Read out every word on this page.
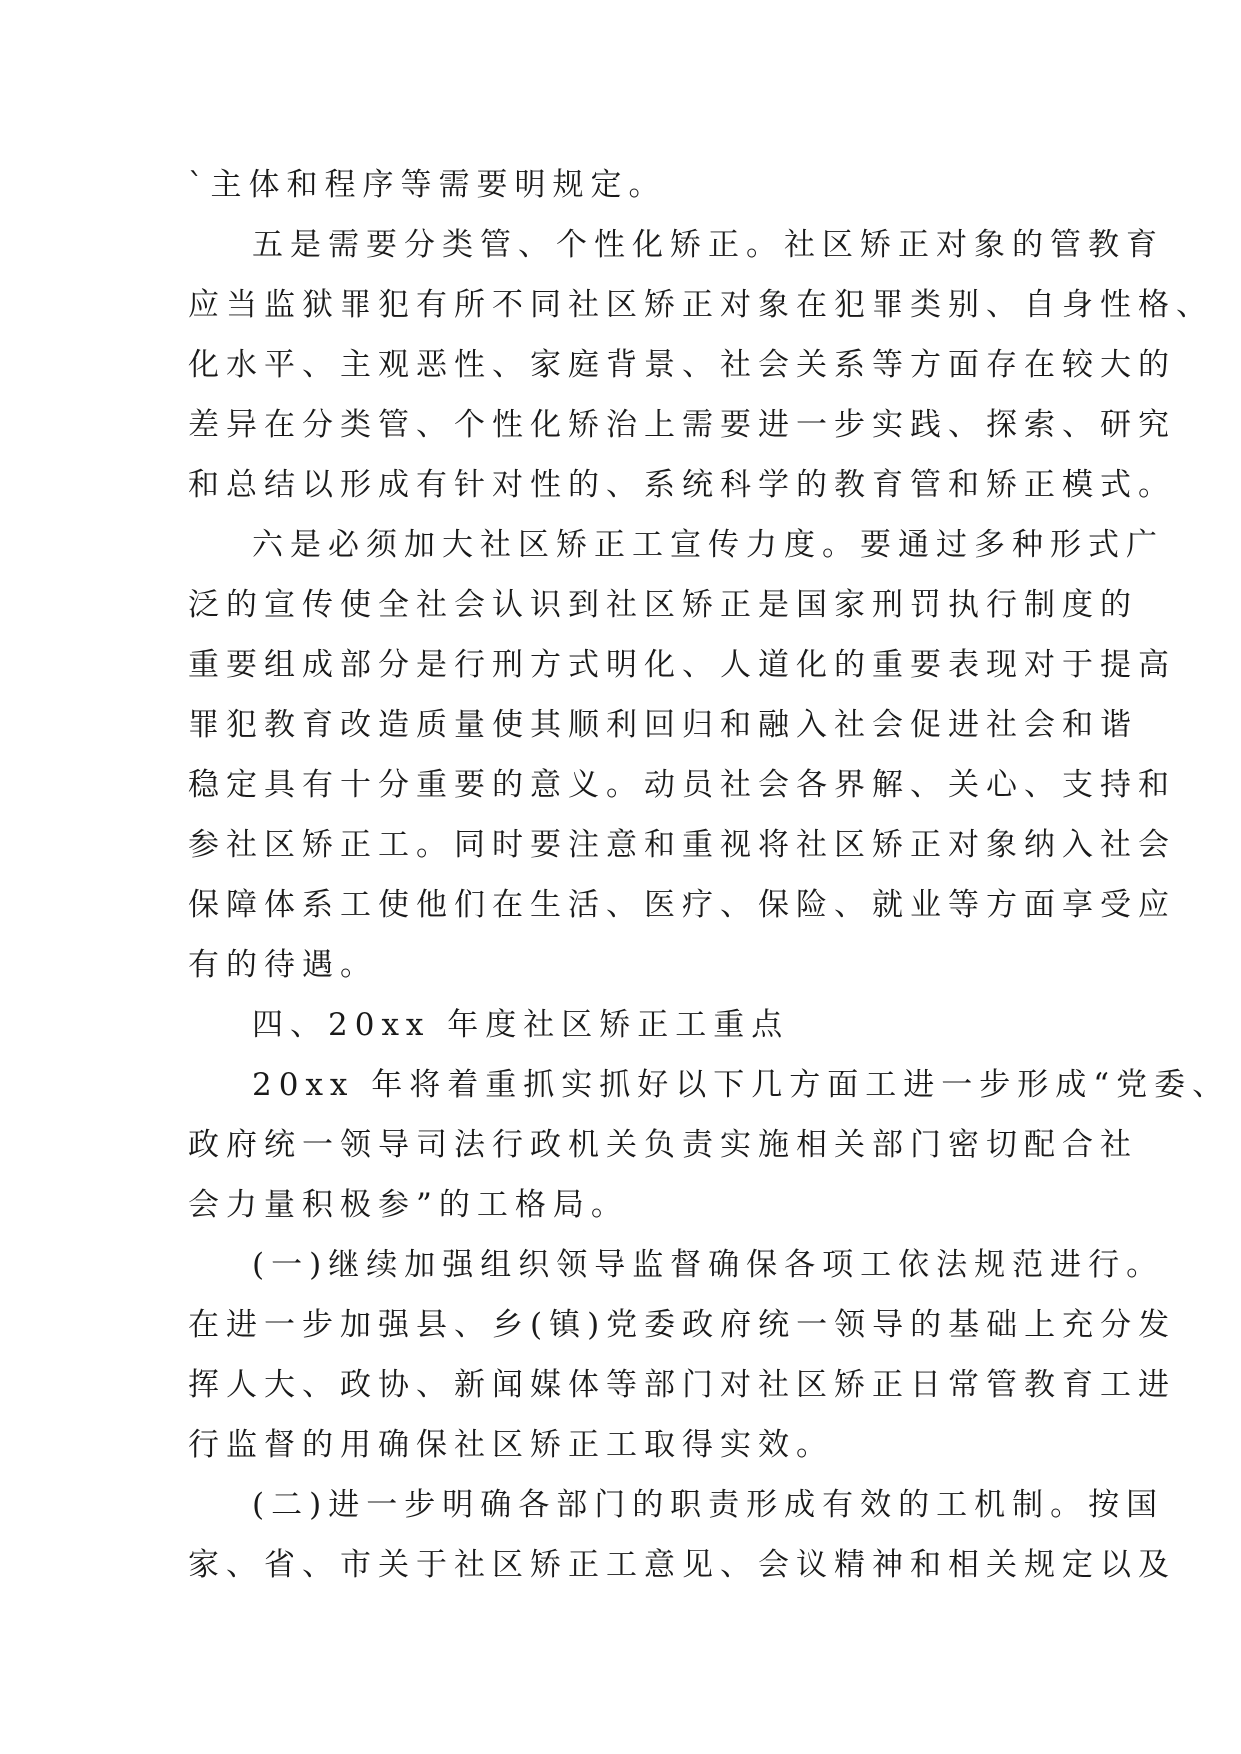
`主体和程序等需要明规定。
五是需要分类管、个性化矫正。社区矫正对象的管教育
应当监狱罪犯有所不同社区矫正对象在犯罪类别、自身性格、
化水平、主观恶性、家庭背景、社会关系等方面存在较大的
差异在分类管、个性化矫治上需要进一步实践、探索、研究
和总结以形成有针对性的、系统科学的教育管和矫正模式。
六是必须加大社区矫正工宣传力度。要通过多种形式广
泛的宣传使全社会认识到社区矫正是国家刑罚执行制度的
重要组成部分是行刑方式明化、人道化的重要表现对于提高
罪犯教育改造质量使其顺利回归和融入社会促进社会和谐
稳定具有十分重要的意义。动员社会各界解、关心、支持和
参社区矫正工。同时要注意和重视将社区矫正对象纳入社会
保障体系工使他们在生活、医疗、保险、就业等方面享受应
有的待遇。
四、20xx 年度社区矫正工重点
20xx 年将着重抓实抓好以下几方面工进一步形成“党委、
政府统一领导司法行政机关负责实施相关部门密切配合社
会力量积极参”的工格局。
(一)继续加强组织领导监督确保各项工依法规范进行。
在进一步加强县、乡(镇)党委政府统一领导的基础上充分发
挥人大、政协、新闻媒体等部门对社区矫正日常管教育工进
行监督的用确保社区矫正工取得实效。
(二)进一步明确各部门的职责形成有效的工机制。按国
家、省、市关于社区矫正工意见、会议精神和相关规定以及
